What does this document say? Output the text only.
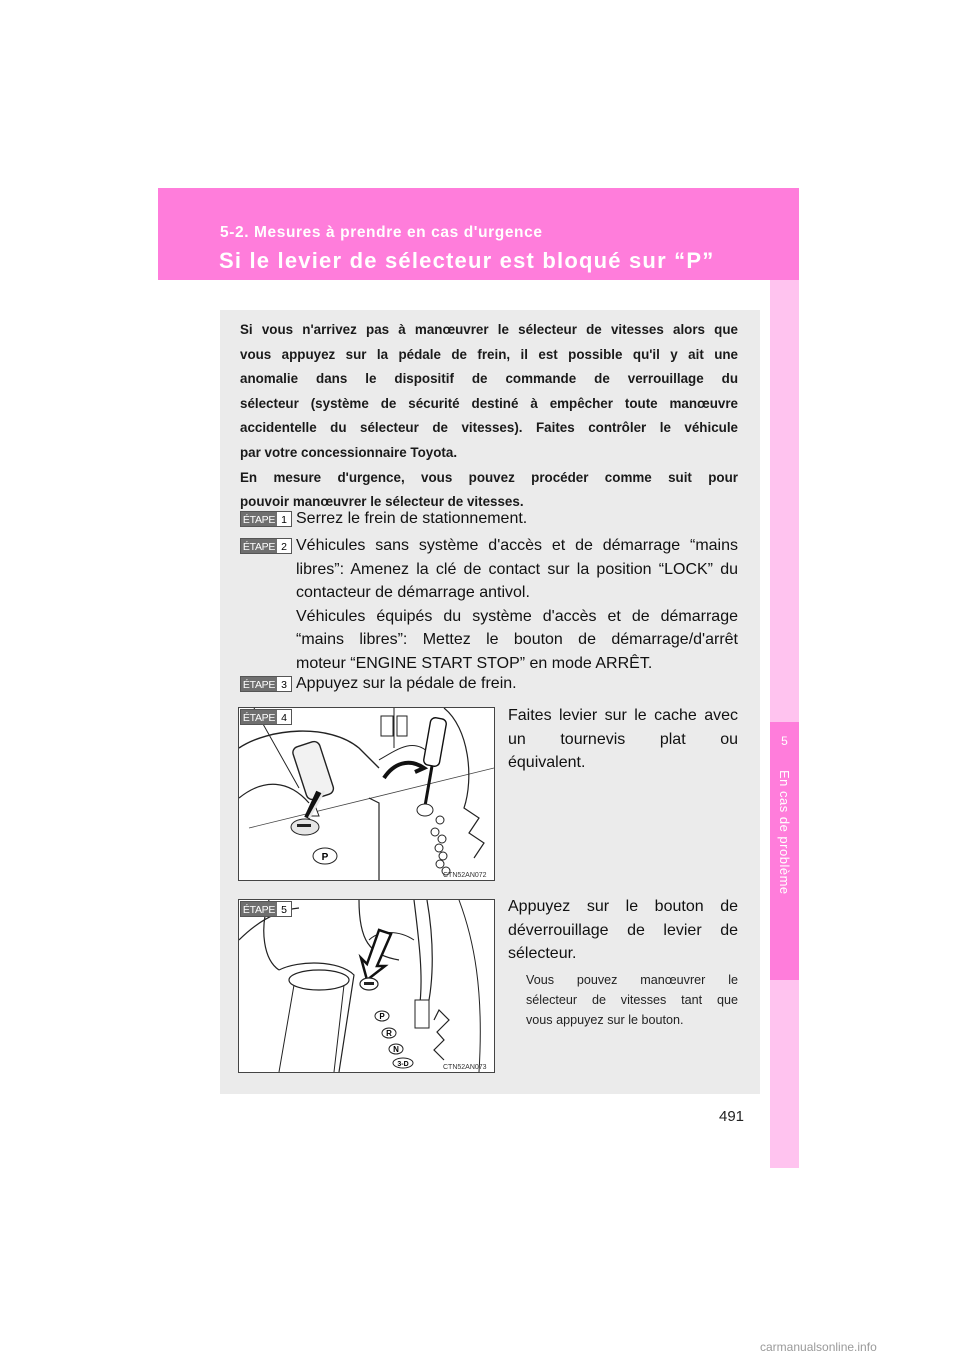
5-2. Mesures à prendre en cas d'urgence
Si le levier de sélecteur est bloqué sur “P”
5
En cas de problème

Si vous n'arrivez pas à manœuvrer le sélecteur de vitesses alors que

vous appuyez sur la pédale de frein, il est possible qu'il y ait une

anomalie dans le dispositif de commande de verrouillage du

sélecteur (système de sécurité destiné à empêcher toute manœuvre

accidentelle du sélecteur de vitesses). Faites contrôler le véhicule

par votre concessionnaire Toyota.

En mesure d'urgence, vous pouvez procéder comme suit pour

pouvoir manœuvrer le sélecteur de vitesses.

ÉTAPE 1 Serrez le frein de stationnement.

ÉTAPE 2 Véhicules sans système d'accès et de démarrage “mains

libres”: Amenez la clé de contact sur la position “LOCK” du

contacteur de démarrage antivol.

Véhicules équipés du système d'accès et de démarrage

“mains libres”: Mettez le bouton de démarrage/d'arrêt

moteur “ENGINE START STOP” en mode ARRÊT.

ÉTAPE 3 Appuyez sur la pédale de frein.

P
CTN52AN072
ÉTAPE 4	Faites levier sur le cache avec

un tournevis plat ou

équivalent.

P
R
N
3-D	CTN52AN073
ÉTAPE 5	Appuyez sur le bouton de

déverrouillage de levier de

sélecteur.

Vous pouvez manœuvrer le

sélecteur de vitesses tant que

vous appuyez sur le bouton.

491
carmanualsonline.info
